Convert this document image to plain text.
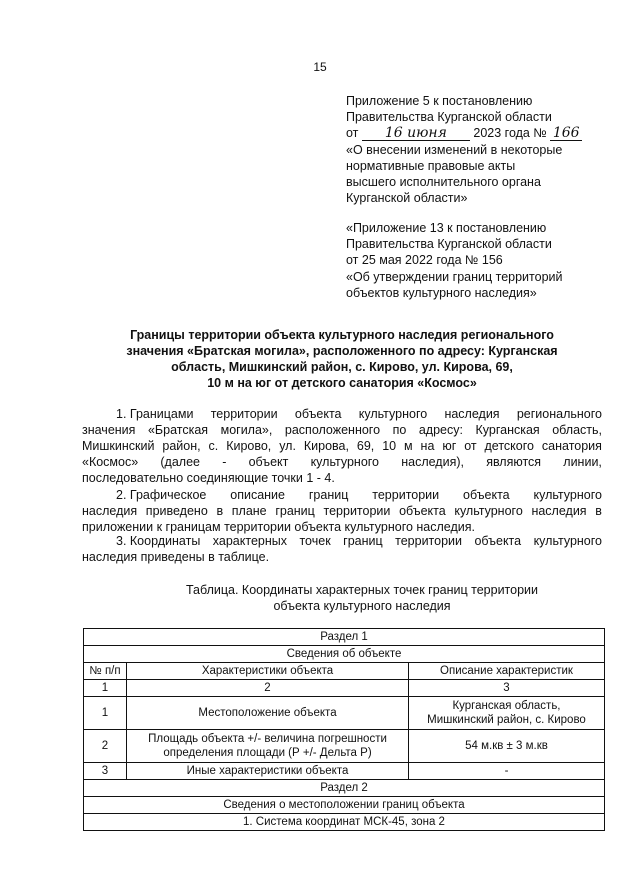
15
Приложение 5 к постановлению
Правительства Курганской области
от 16 июня 2023 года № 166
«О внесении изменений в некоторые
нормативные правовые акты
высшего исполнительного органа
Курганской области»
«Приложение 13 к постановлению
Правительства Курганской области
от 25 мая 2022 года № 156
«Об утверждении границ территорий
объектов культурного наследия»
Границы территории объекта культурного наследия регионального
значения «Братская могила», расположенного по адресу: Курганская
область, Мишкинский район, с. Кирово, ул. Кирова, 69,
10 м на юг от детского санатория «Космос»
1. Границами территории объекта культурного наследия регионального
значения «Братская могила», расположенного по адресу: Курганская область,
Мишкинский район, с. Кирово, ул. Кирова, 69, 10 м на юг от детского санатория
«Космос» (далее - объект культурного наследия), являются линии,
последовательно соединяющие точки 1 - 4.
2. Графическое описание границ территории объекта культурного
наследия приведено в плане границ территории объекта культурного наследия в
приложении к границам территории объекта культурного наследия.
3. Координаты характерных точек границ территории объекта культурного
наследия приведены в таблице.
Таблица. Координаты характерных точек границ территории
объекта культурного наследия
Раздел 1		
Сведения об объекте		
№ п/п	Характеристики объекта	Описание характеристик
1	2	3
1	Местоположение объекта	Курганская область,
Мишкинский район, с. Кирово

2	Площадь объекта +/- величина погрешности
определения площади (Р +/- Дельта Р)	54 м.кв ± 3 м.кв
3	Иные характеристики объекта	-
Раздел 2		
Сведения о местоположении границ объекта		
1. Система координат МСК-45, зона 2		
